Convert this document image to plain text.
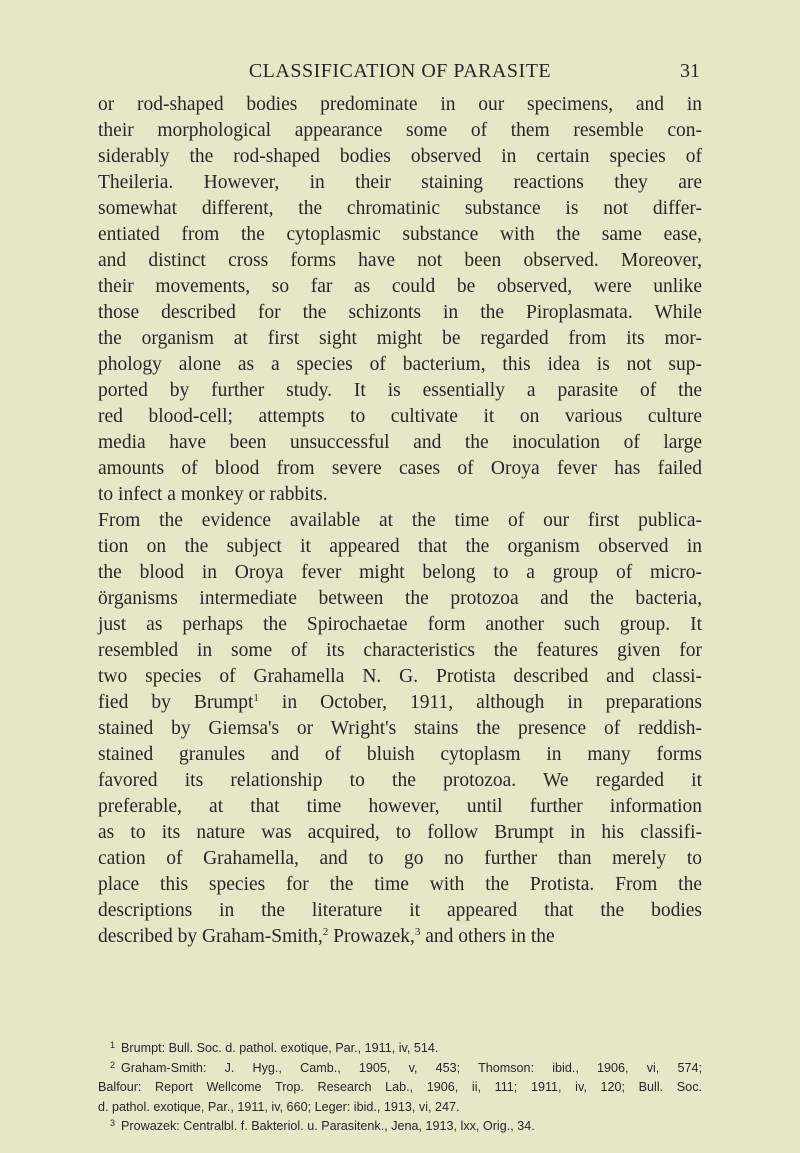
CLASSIFICATION OF PARASITE	31
or rod-shaped bodies predominate in our specimens, and in
their morphological appearance some of them resemble con-
siderably the rod-shaped bodies observed in certain species of
Theileria. However, in their staining reactions they are
somewhat different, the chromatinic substance is not differ-
entiated from the cytoplasmic substance with the same ease,
and distinct cross forms have not been observed. Moreover,
their movements, so far as could be observed, were unlike
those described for the schizonts in the Piroplasmata. While
the organism at first sight might be regarded from its mor-
phology alone as a species of bacterium, this idea is not sup-
ported by further study. It is essentially a parasite of the
red blood-cell; attempts to cultivate it on various culture
media have been unsuccessful and the inoculation of large
amounts of blood from severe cases of Oroya fever has failed
to infect a monkey or rabbits.
From the evidence available at the time of our first publica-
tion on the subject it appeared that the organism observed in
the blood in Oroya fever might belong to a group of micro-
örganisms intermediate between the protozoa and the bacteria,
just as perhaps the Spirochaetae form another such group. It
resembled in some of its characteristics the features given for
two species of Grahamella N. G. Protista described and classi-
fied by Brumpt$^1$ in October, 1911, although in preparations
stained by Giemsa's or Wright's stains the presence of reddish-
stained granules and of bluish cytoplasm in many forms
favored its relationship to the protozoa. We regarded it
preferable, at that time however, until further information
as to its nature was acquired, to follow Brumpt in his classifi-
cation of Grahamella, and to go no further than merely to
place this species for the time with the Protista. From the
descriptions in the literature it appeared that the bodies
described by Graham-Smith,$^2$ Prowazek,$^3$ and others in the
$^1$ Brumpt: Bull. Soc. d. pathol. exotique, Par., 1911, iv, 514.
$^2$ Graham-Smith: J. Hyg., Camb., 1905, v, 453; Thomson: ibid., 1906, vi, 574;
Balfour: Report Wellcome Trop. Research Lab., 1906, ii, 111; 1911, iv, 120; Bull. Soc.
d. pathol. exotique, Par., 1911, iv, 660; Leger: ibid., 1913, vi, 247.
$^3$ Prowazek: Centralbl. f. Bakteriol. u. Parasitenk., Jena, 1913, lxx, Orig., 34.
